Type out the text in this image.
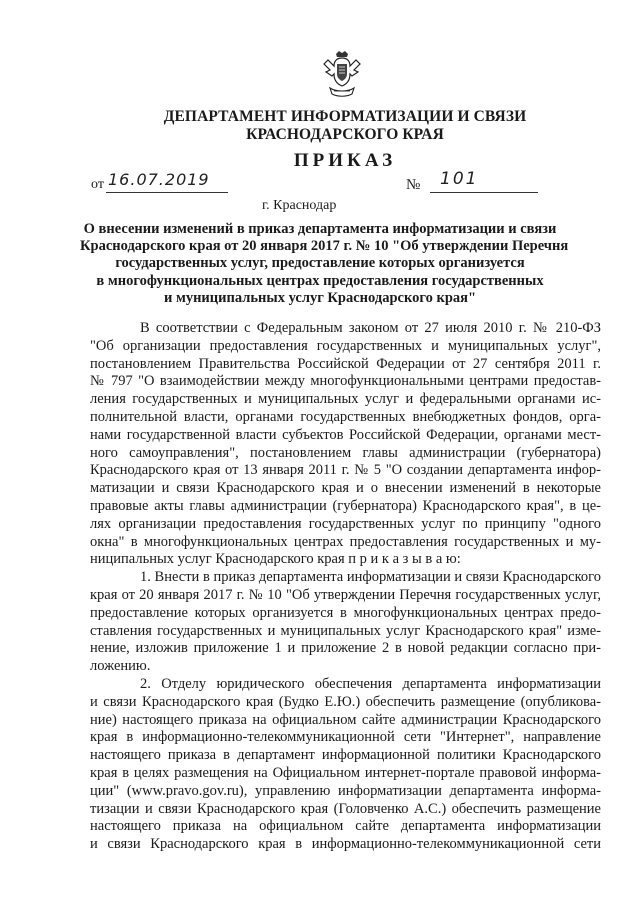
ДЕПАРТАМЕНТ ИНФОРМАТИЗАЦИИ И СВЯЗИ
КРАСНОДАРСКОГО КРАЯ
ПРИКАЗ
от 16.07.2019	№ 101
г. Краснодар
О внесении изменений в приказ департамента информатизации и связи
Краснодарского края от 20 января 2017 г. № 10 "Об утверждении Перечня
государственных услуг, предоставление которых организуется
в многофункциональных центрах предоставления государственных
и муниципальных услуг Краснодарского края"
В соответствии с Федеральным законом от 27 июля 2010 г. № 210-ФЗ
"Об организации предоставления государственных и муниципальных услуг",
постановлением Правительства Российской Федерации от 27 сентября 2011 г.
№ 797 "О взаимодействии между многофункциональными центрами предостав-
ления государственных и муниципальных услуг и федеральными органами ис-
полнительной власти, органами государственных внебюджетных фондов, орга-
нами государственной власти субъектов Российской Федерации, органами мест-
ного самоуправления", постановлением главы администрации (губернатора)
Краснодарского края от 13 января 2011 г. № 5 "О создании департамента инфор-
матизации и связи Краснодарского края и о внесении изменений в некоторые
правовые акты главы администрации (губернатора) Краснодарского края", в це-
лях организации предоставления государственных услуг по принципу "одного
окна" в многофункциональных центрах предоставления государственных и му-
ниципальных услуг Краснодарского края п р и к а з ы в а ю:
1. Внести в приказ департамента информатизации и связи Краснодарского
края от 20 января 2017 г. № 10 "Об утверждении Перечня государственных услуг,
предоставление которых организуется в многофункциональных центрах предо-
ставления государственных и муниципальных услуг Краснодарского края" изме-
нение, изложив приложение 1 и приложение 2 в новой редакции согласно при-
ложению.
2. Отделу юридического обеспечения департамента информатизации
и связи Краснодарского края (Будко Е.Ю.) обеспечить размещение (опубликова-
ние) настоящего приказа на официальном сайте администрации Краснодарского
края в информационно-телекоммуникационной сети "Интернет", направление
настоящего приказа в департамент информационной политики Краснодарского
края в целях размещения на Официальном интернет-портале правовой информа-
ции" (www.pravo.gov.ru), управлению информатизации департамента информа-
тизации и связи Краснодарского края (Головченко А.С.) обеспечить размещение
настоящего приказа на официальном сайте департамента информатизации
и связи Краснодарского края в информационно-телекоммуникационной сети
